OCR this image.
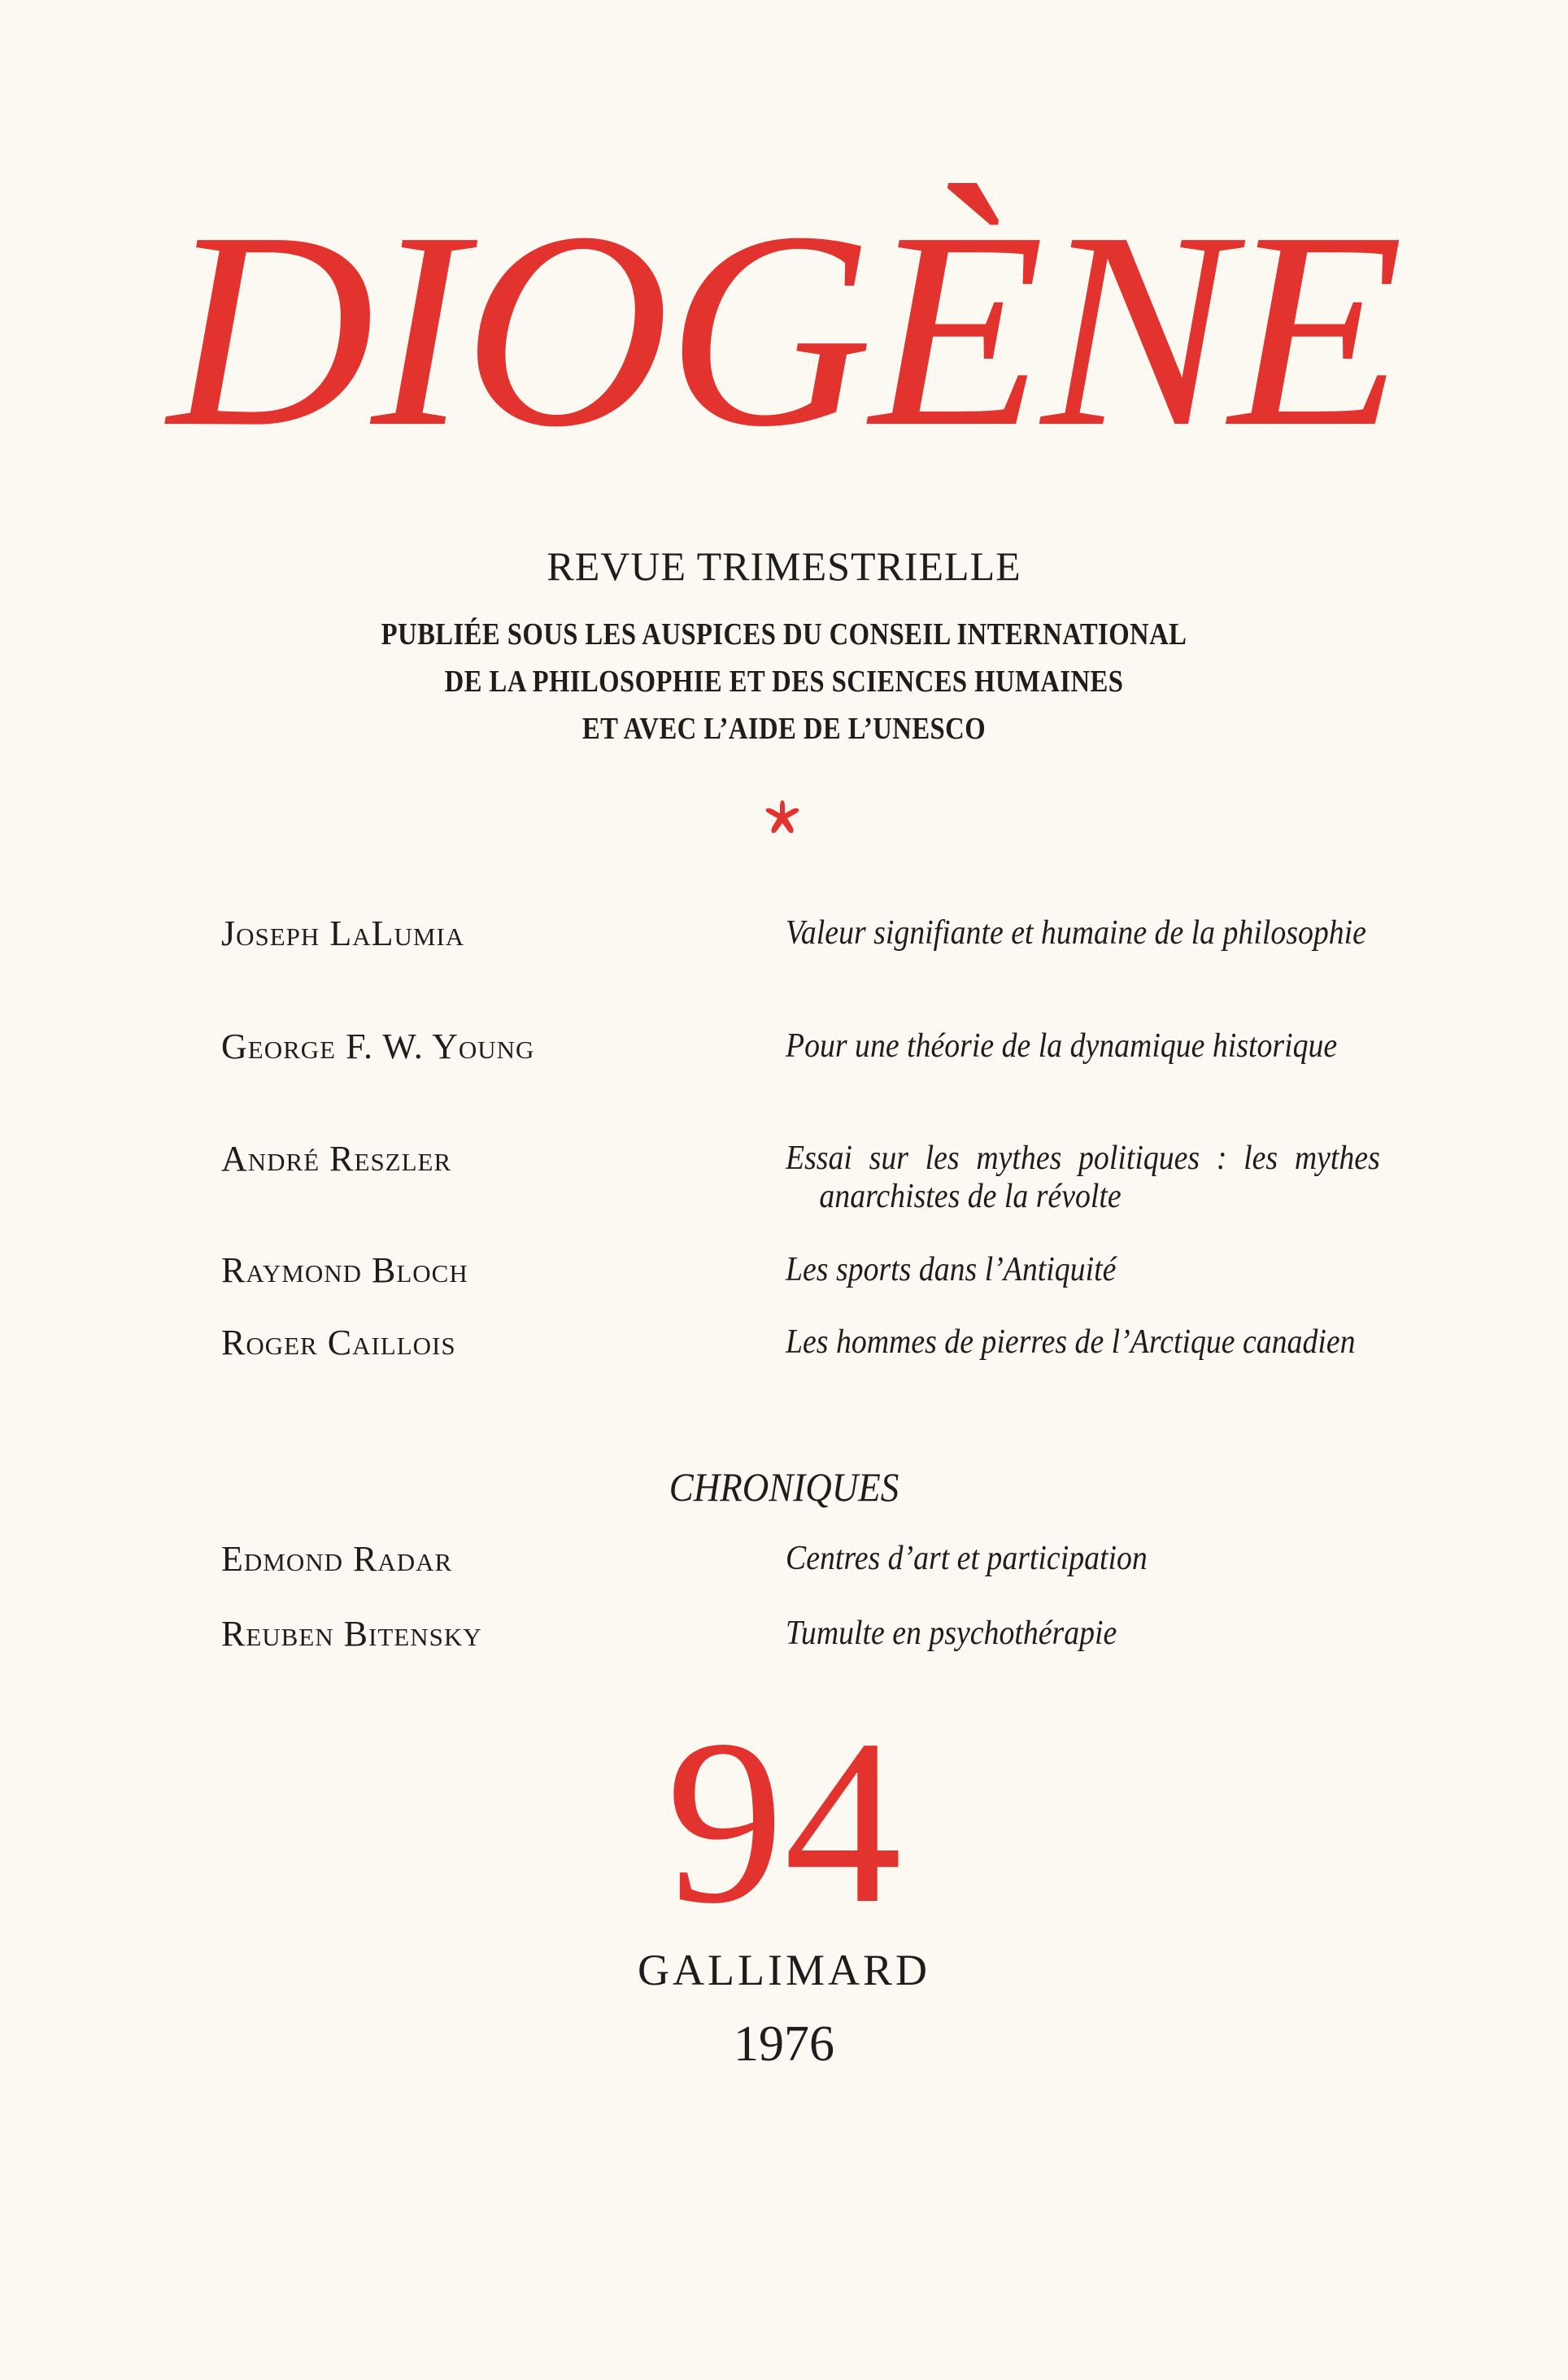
DIOGÈNE
REVUE TRIMESTRIELLE
PUBLIÉE SOUS LES AUSPICES DU CONSEIL INTERNATIONAL
DE LA PHILOSOPHIE ET DES SCIENCES HUMAINES
ET AVEC L’AIDE DE L’UNESCO
Joseph LaLumia	Valeur signifiante et humaine de la philosophie
George F. W. Young	Pour une théorie de la dynamique historique
André Reszler	Essai sur les mythes politiques : les mythes anarchistes de la révolte
Raymond Bloch	Les sports dans l’Antiquité
Roger Caillois	Les hommes de pierres de l’Arctique canadien
CHRONIQUES
Edmond Radar	Centres d’art et participation
Reuben Bitensky	Tumulte en psychothérapie
94
GALLIMARD
1976
